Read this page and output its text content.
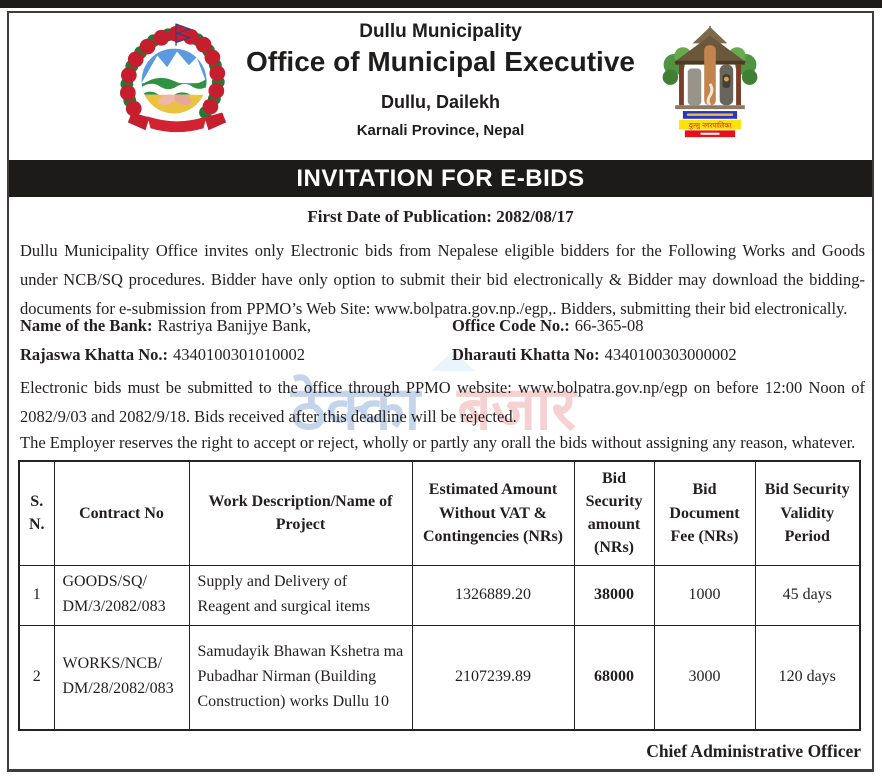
ठेक्का बजार
दुल्लु नगरपालिका
Dullu Municipality
Office of Municipal Executive
Dullu, Dailekh
Karnali Province, Nepal
INVITATION FOR E-BIDS
First Date of Publication: 2082/08/17
Dullu Municipality Office invites only Electronic bids from Nepalese eligible bidders for the Following Works and Goods under NCB/SQ procedures. Bidder have only option to submit their bid electronically & Bidder may download the bidding-documents for e-submission from PPMO’s Web Site: www.bolpatra.gov.np./egp,. Bidders, submitting their bid electronically.
Name of the Bank: Rastriya Banijye Bank,	Office Code No.: 66-365-08
Rajaswa Khatta No.: 4340100301010002	Dharauti Khatta No: 4340100303000002
Electronic bids must be submitted to the office through PPMO website: www.bolpatra.gov.np/egp on before 12:00 Noon of 2082/9/03 and 2082/9/18. Bids received after this deadline will be rejected.
The Employer reserves the right to accept or reject, wholly or partly any orall the bids without assigning any reason, whatever.
S. N.	Contract No	Work Description/Name of Project	Estimated Amount Without VAT & Contingencies (NRs)	Bid Security amount (NRs)	Bid Document Fee (NRs)	Bid Security Validity Period
1	GOODS/SQ/ DM/3/2082/083	Supply and Delivery of Reagent and surgical items	1326889.20	38000	1000	45 days
2	WORKS/NCB/ DM/28/2082/083	Samudayik Bhawan Kshetra ma Pubadhar Nirman (Building Construction) works Dullu 10	2107239.89	68000	3000	120 days
Chief Administrative Officer
